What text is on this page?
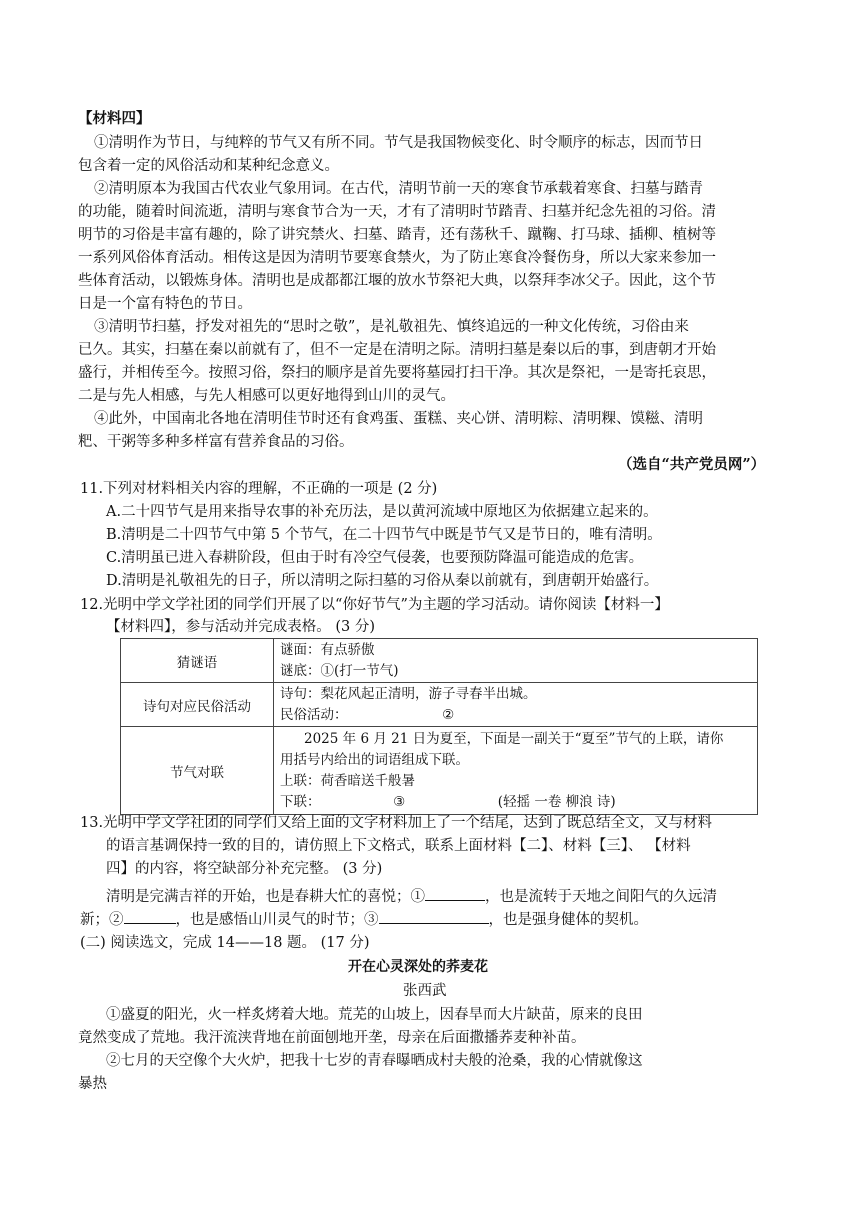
【材料四】
①清明作为节日，与纯粹的节气又有所不同。节气是我国物候变化、时令顺序的标志，因而节日
包含着一定的风俗活动和某种纪念意义。
②清明原本为我国古代农业气象用词。在古代，清明节前一天的寒食节承载着寒食、扫墓与踏青
的功能，随着时间流逝，清明与寒食节合为一天，才有了清明时节踏青、扫墓并纪念先祖的习俗。清
明节的习俗是丰富有趣的，除了讲究禁火、扫墓、踏青，还有荡秋千、蹴鞠、打马球、插柳、植树等
一系列风俗体育活动。相传这是因为清明节要寒食禁火，为了防止寒食冷餐伤身，所以大家来参加一
些体育活动，以锻炼身体。清明也是成都都江堰的放水节祭祀大典，以祭拜李冰父子。因此，这个节
日是一个富有特色的节日。
③清明节扫墓，抒发对祖先的“思时之敬”，是礼敬祖先、慎终追远的一种文化传统，习俗由来
已久。其实，扫墓在秦以前就有了，但不一定是在清明之际。清明扫墓是秦以后的事，到唐朝才开始
盛行，并相传至今。按照习俗，祭扫的顺序是首先要将墓园打扫干净。其次是祭祀，一是寄托哀思，
二是与先人相感，与先人相感可以更好地得到山川的灵气。
④此外，中国南北各地在清明佳节时还有食鸡蛋、蛋糕、夹心饼、清明粽、清明粿、馍糍、清明
粑、干粥等多种多样富有营养食品的习俗。
（选自“共产党员网”）
11.下列对材料相关内容的理解，不正确的一项是 (2 分)
A.二十四节气是用来指导农事的补充历法，是以黄河流域中原地区为依据建立起来的。
B.清明是二十四节气中第 5 个节气，在二十四节气中既是节气又是节日的，唯有清明。
C.清明虽已进入春耕阶段，但由于时有冷空气侵袭，也要预防降温可能造成的危害。
D.清明是礼敬祖先的日子，所以清明之际扫墓的习俗从秦以前就有，到唐朝开始盛行。
12.光明中学文学社团的同学们开展了以“你好节气”为主题的学习活动。请你阅读【材料一】
【材料四】，参与活动并完成表格。 (3 分)
猜谜语	谜面：有点骄傲
谜底：①(打一节气)

诗句对应民俗活动	诗句：梨花风起正清明，游子寻春半出城。
民俗活动： ②

节气对联	2025 年 6 月 21 日为夏至，下面是一副关于“夏至”节气的上联，请你
用括号内给出的词语组成下联。
上联：荷香暗送千般暑
下联： ③ (轻摇 一卷 柳浪 诗)
13.光明中学文学社团的同学们又给上面的文字材料加上了一个结尾，达到了既总结全文，又与材料
的语言基调保持一致的目的，请仿照上下文格式，联系上面材料【二】、材料【三】、 【材料
四】的内容，将空缺部分补充完整。 (3 分)
清明是完满吉祥的开始，也是春耕大忙的喜悦；①	，也是流转于天地之间阳气的久远清
新；②	，也是感悟山川灵气的时节；③	，也是强身健体的契机。
(二) 阅读选文，完成 14——18 题。 (17 分)
开在心灵深处的荞麦花
张西武
①盛夏的阳光，火一样炙烤着大地。荒芜的山坡上，因春旱而大片缺苗，原来的良田
竟然变成了荒地。我汗流浃背地在前面刨地开垄，母亲在后面撒播荞麦种补苗。
②七月的天空像个大火炉，把我十七岁的青春曝晒成村夫般的沧桑，我的心情就像这
暴热
